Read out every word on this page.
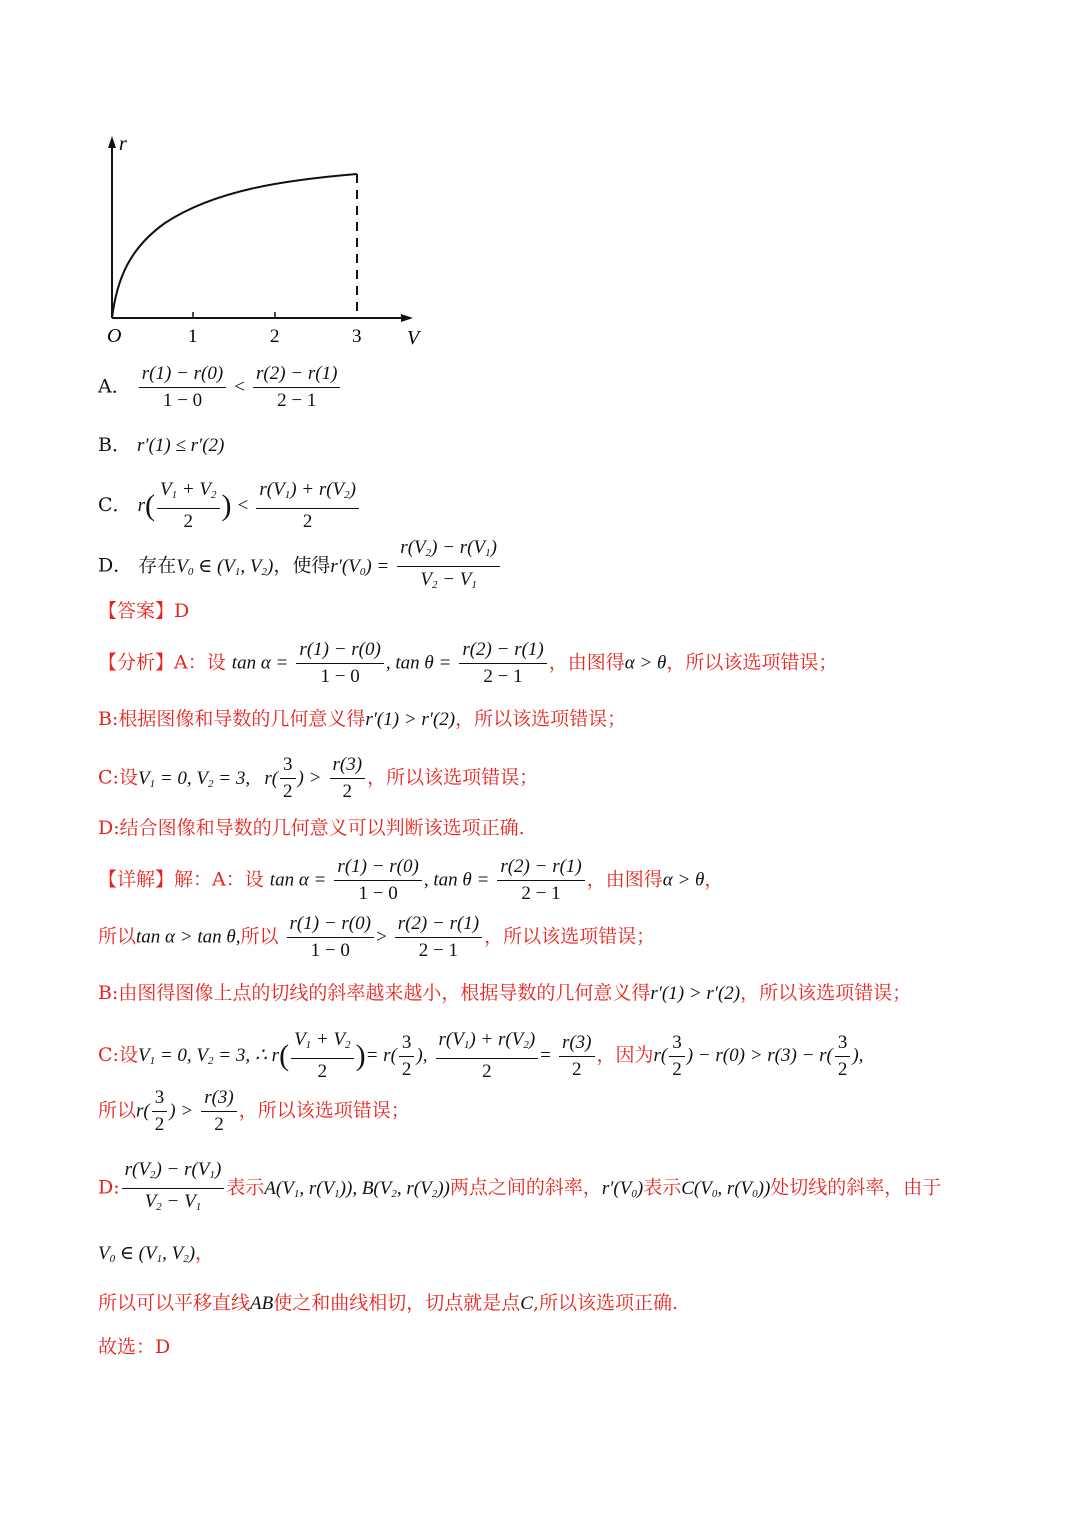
r
V
O	1	2	3
A． $\frac{r(1) - r(0)}{1 - 0} < \frac{r(2) - r(1)}{2 - 1}$
B． r′(1) ≤ r′(2)
C． $r( \frac{V_1 + V_2}{2}$ ) < $\frac{r(V_1) + r(V_2)}{2}$
D． 存在$V_0$ ∈ ($V_1$, $V_2$)，使得$r'(V_0) = \frac{r(V_2) - r(V_1)}{V_2 - V_1}$
【答案】D
【分析】A：设 $\tan \alpha = \frac{r(1) - r(0)}{1 - 0}$ , $\tan \theta = \frac{r(2) - r(1)}{2 - 1}$ ，由图得α > θ，所以该选项错误；
B:根据图像和导数的几何意义得r′(1) > r′(2)，所以该选项错误；
C:设$V_1 = 0$, $V_2 = 3$,   $r( \frac{3}{2}$ ) > $\frac{r(3)}{2}$ ，所以该选项错误；
D:结合图像和导数的几何意义可以判断该选项正确.
【详解】解：A：设 $\tan \alpha = \frac{r(1) - r(0)}{1 - 0}$ , $\tan \theta = \frac{r(2) - r(1)}{2 - 1}$ ，由图得α > θ，
所以tan α > tan θ,所以 $\frac{r(1) - r(0)}{1 - 0} > \frac{r(2) - r(1)}{2 - 1}$ ，所以该选项错误；
B:由图得图像上点的切线的斜率越来越小，根据导数的几何意义得r′(1) > r′(2)，所以该选项错误；
C:设$V_1 = 0$, $V_2 = 3$, ∴ $r( \frac{V_1 + V_2}{2}$ )= $r( \frac{3}{2}$ ), $\frac{r(V_1) + r(V_2)}{2} = \frac{r(3)}{2}$ ，因为$r( \frac{3}{2}$ ) − $r(0) > r(3) - r( \frac{3}{2}$ ),
所以$r( \frac{3}{2}$ ) > $\frac{r(3)}{2}$ ，所以该选项错误；
D: $\frac{r(V_2) - r(V_1)}{V_2 - V_1}$ 表示$A(V_1$, $r(V_1)$), $B(V_2$, $r(V_2)$)两点之间的斜率，$r'(V_0)$表示$C(V_0$, $r(V_0)$)处切线的斜率，由于
$V_0$ ∈ ($V_1$, $V_2$)，
所以可以平移直线AB使之和曲线相切，切点就是点C,所以该选项正确.
故选：D
